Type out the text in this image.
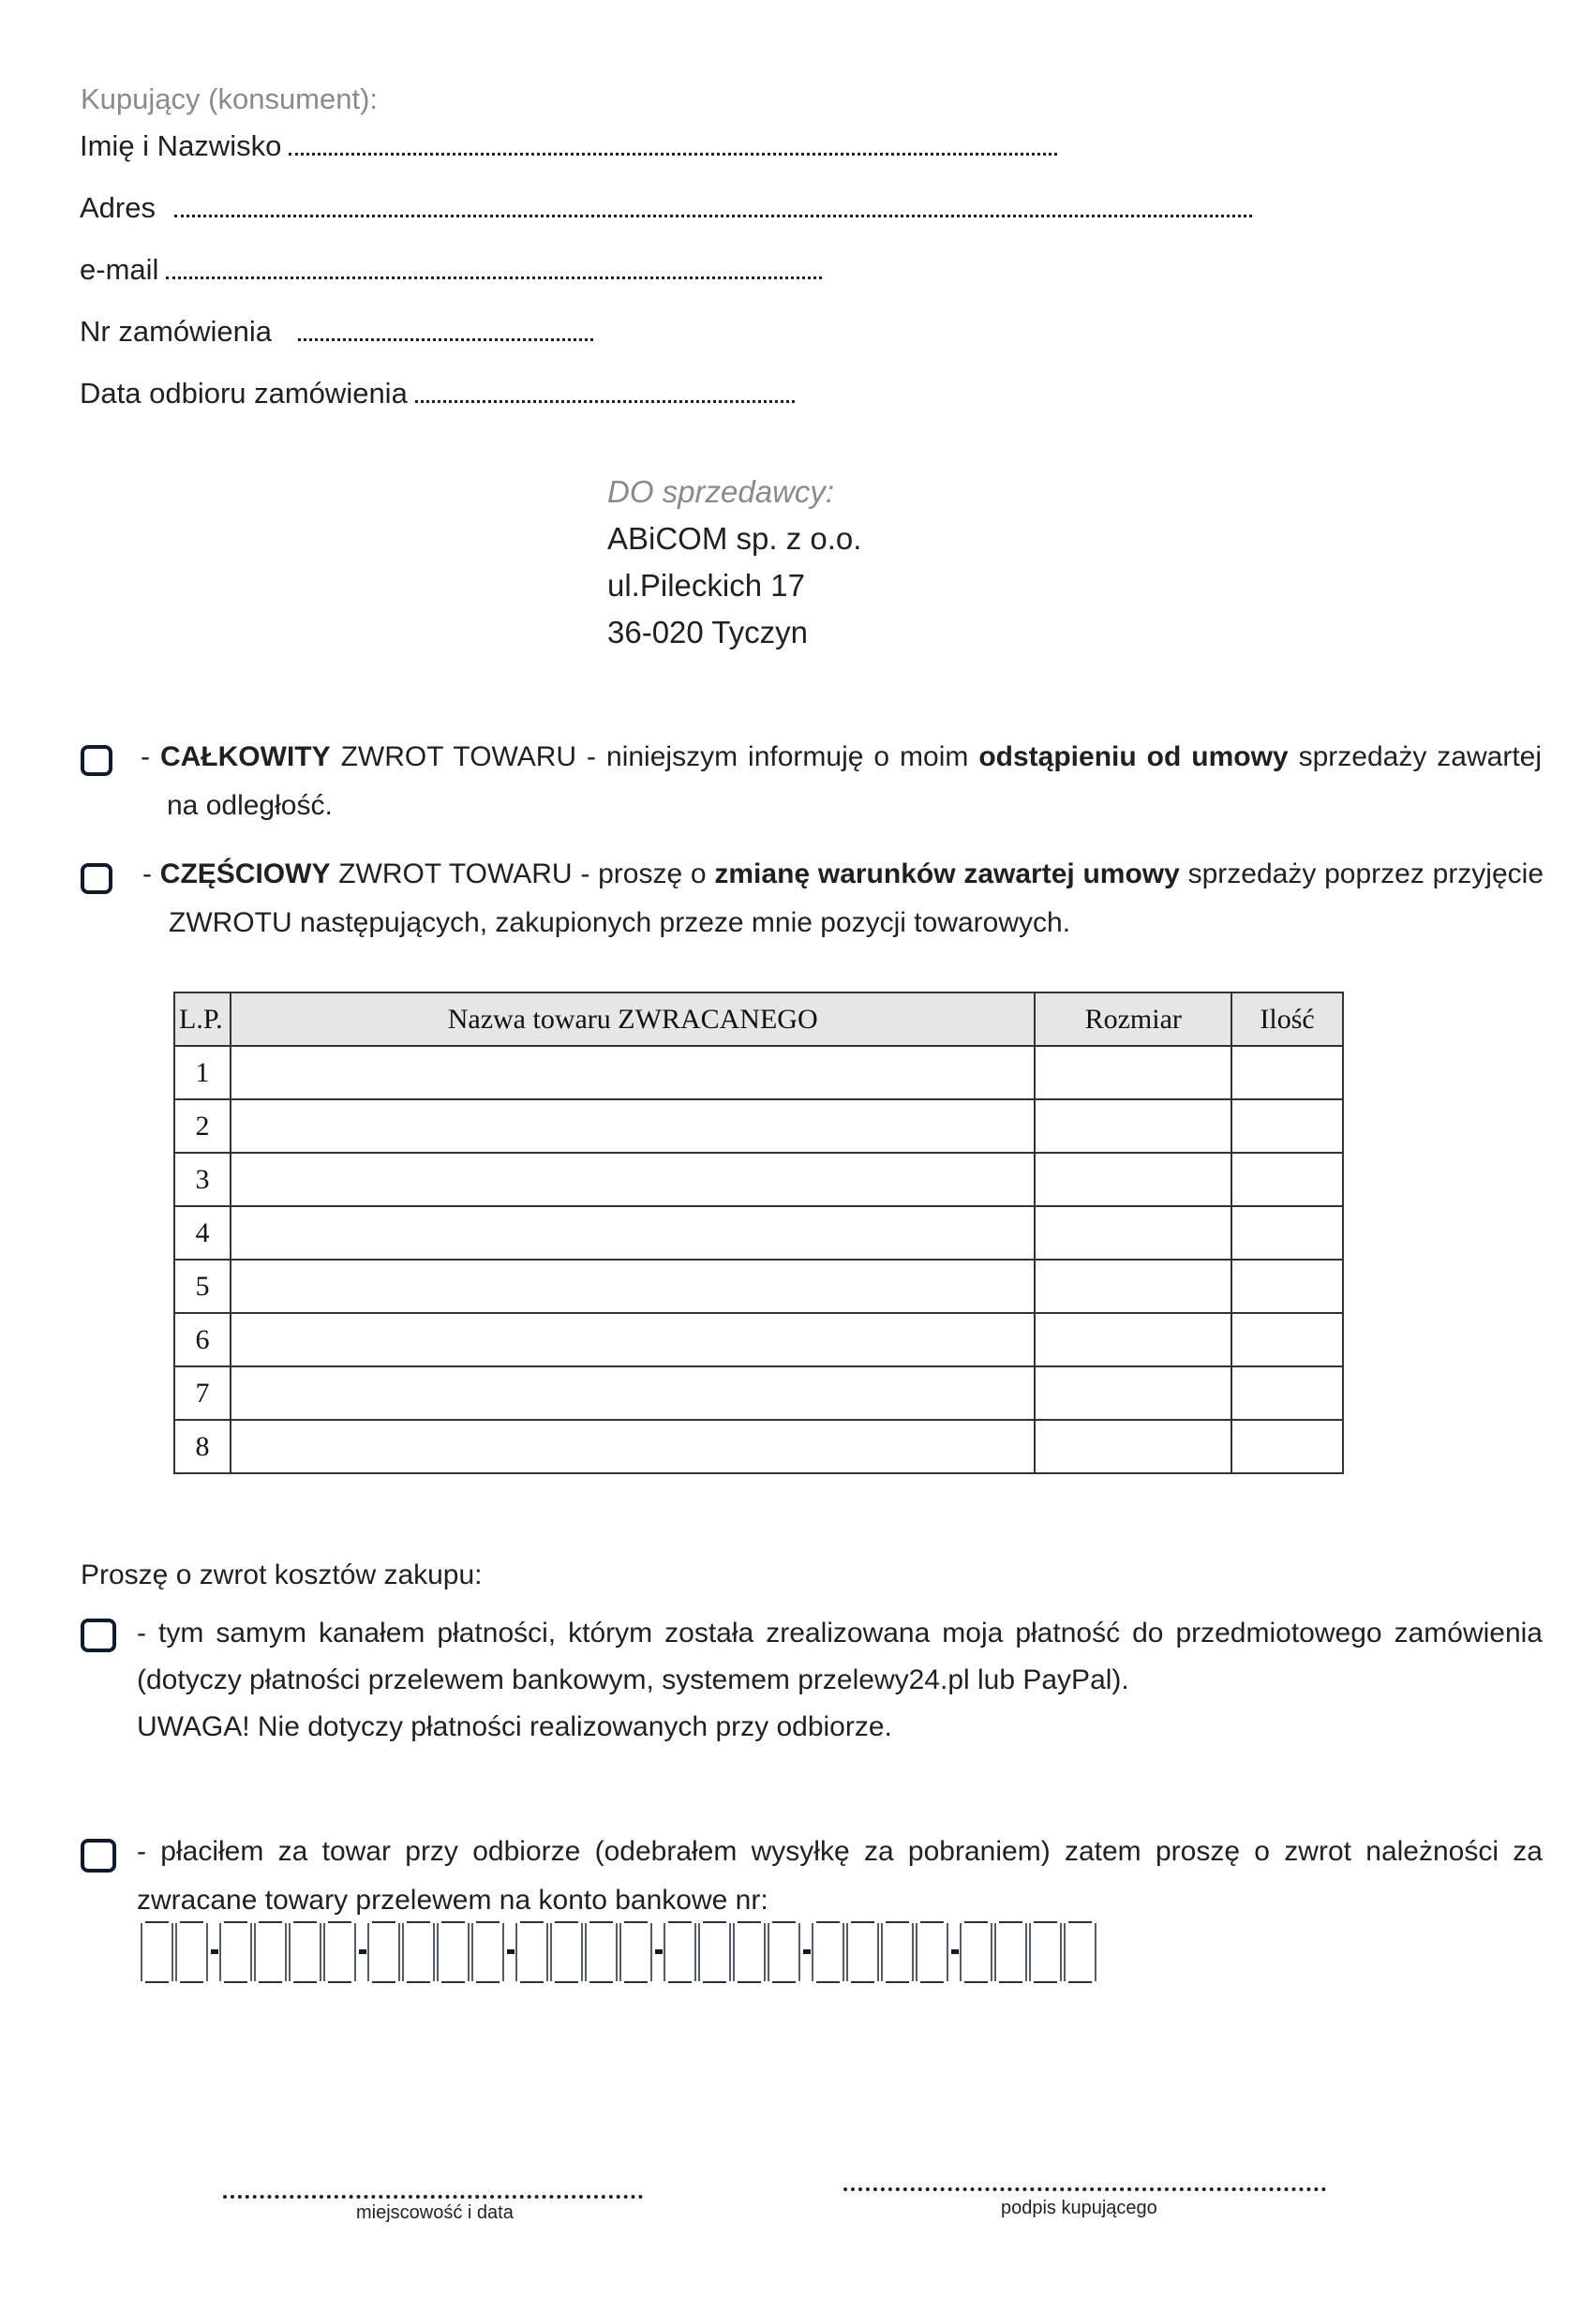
Kupujący (konsument):
Imię i Nazwisko
Adres
e-mail
Nr zamówienia
Data odbioru zamówienia
DO sprzedawcy:
ABiCOM sp. z o.o.
ul.Pileckich 17
36-020 Tyczyn
- CAŁKOWITY ZWROT TOWARU - niniejszym informuję o moim odstąpieniu od umowy sprzedaży zawartej na odległość.
- CZĘŚCIOWY ZWROT TOWARU - proszę o zmianę warunków zawartej umowy sprzedaży poprzez przyjęcie ZWROTU następujących, zakupionych przeze mnie pozycji towarowych.
L.P.	Nazwa towaru ZWRACANEGO	Rozmiar	Ilość
1			
2			
3			
4			
5			
6			
7			
8			
Proszę o zwrot kosztów zakupu:
- tym samym kanałem płatności, którym została zrealizowana moja płatność do przedmiotowego zamówienia (dotyczy płatności przelewem bankowym, systemem przelewy24.pl lub PayPal).
UWAGA! Nie dotyczy płatności realizowanych przy odbiorze.
- płaciłem za towar przy odbiorze (odebrałem wysyłkę za pobraniem) zatem proszę o zwrot należności za zwracane towary przelewem na konto bankowe nr:
miejscowość i data	podpis kupującego
